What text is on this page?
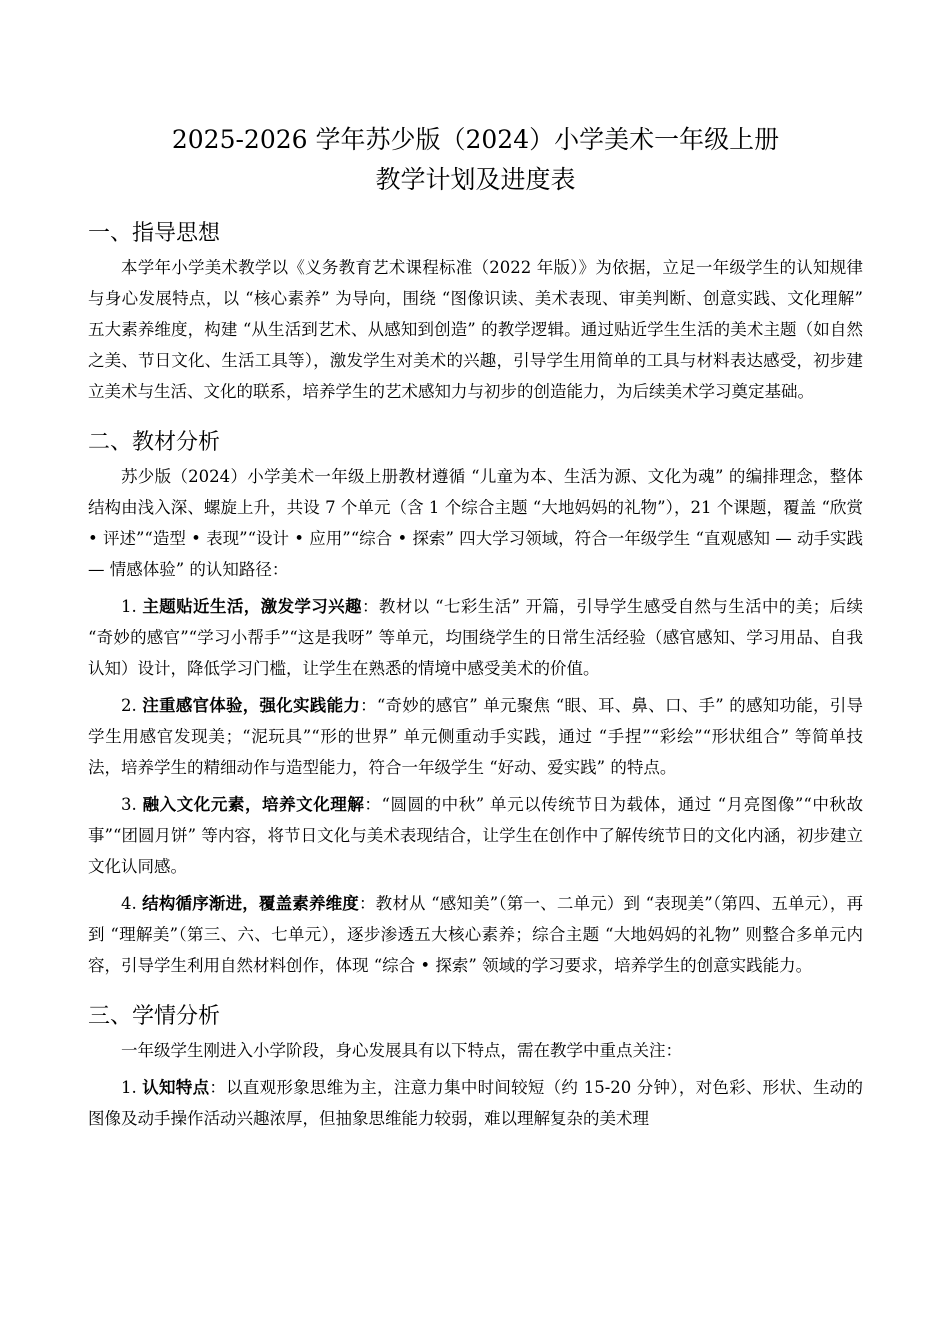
2025-2026 学年苏少版（2024）小学美术一年级上册
教学计划及进度表
一、指导思想

本学年小学美术教学以《义务教育艺术课程标准（2022 年版）》为依据，立足一年级学生的认知规律与身心发展特点，以 “核心素养” 为导向，围绕 “图像识读、美术表现、审美判断、创意实践、文化理解” 五大素养维度，构建 “从生活到艺术、从感知到创造” 的教学逻辑。通过贴近学生生活的美术主题（如自然之美、节日文化、生活工具等），激发学生对美术的兴趣，引导学生用简单的工具与材料表达感受，初步建立美术与生活、文化的联系，培养学生的艺术感知力与初步的创造能力，为后续美术学习奠定基础。

二、教材分析

苏少版（2024）小学美术一年级上册教材遵循 “儿童为本、生活为源、文化为魂” 的编排理念，整体结构由浅入深、螺旋上升，共设 7 个单元（含 1 个综合主题 “大地妈妈的礼物”），21 个课题，覆盖 “欣赏 • 评述”“造型 • 表现”“设计 • 应用”“综合 • 探索” 四大学习领域，符合一年级学生 “直观感知 — 动手实践 — 情感体验” 的认知路径：

1. 主题贴近生活，激发学习兴趣：教材以 “七彩生活” 开篇，引导学生感受自然与生活中的美；后续 “奇妙的感官”“学习小帮手”“这是我呀” 等单元，均围绕学生的日常生活经验（感官感知、学习用品、自我认知）设计，降低学习门槛，让学生在熟悉的情境中感受美术的价值。

2. 注重感官体验，强化实践能力：“奇妙的感官” 单元聚焦 “眼、耳、鼻、口、手” 的感知功能，引导学生用感官发现美；“泥玩具”“形的世界” 单元侧重动手实践，通过 “手捏”“彩绘”“形状组合” 等简单技法，培养学生的精细动作与造型能力，符合一年级学生 “好动、爱实践” 的特点。

3. 融入文化元素，培养文化理解：“圆圆的中秋” 单元以传统节日为载体，通过 “月亮图像”“中秋故事”“团圆月饼” 等内容，将节日文化与美术表现结合，让学生在创作中了解传统节日的文化内涵，初步建立文化认同感。

4. 结构循序渐进，覆盖素养维度：教材从 “感知美”（第一、二单元）到 “表现美”（第四、五单元），再到 “理解美”（第三、六、七单元），逐步渗透五大核心素养；综合主题 “大地妈妈的礼物” 则整合多单元内容，引导学生利用自然材料创作，体现 “综合 • 探索” 领域的学习要求，培养学生的创意实践能力。

三、学情分析

一年级学生刚进入小学阶段，身心发展具有以下特点，需在教学中重点关注：

1. 认知特点：以直观形象思维为主，注意力集中时间较短（约 15-20 分钟），对色彩、形状、生动的图像及动手操作活动兴趣浓厚，但抽象思维能力较弱，难以理解复杂的美术理
